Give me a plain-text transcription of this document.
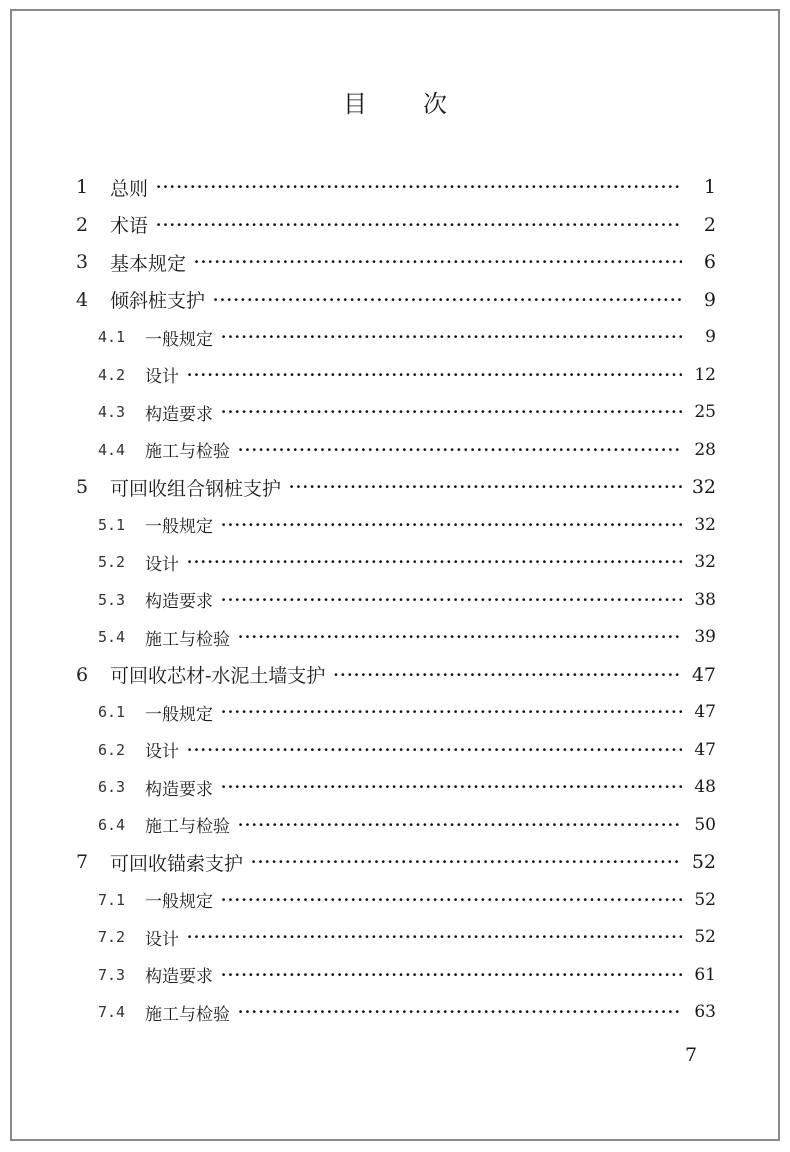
目 次
1	总则 ·····	1
2	术语 ·····	2
3	基本规定 ·····	6
4	倾斜桩支护 ·····	9
4.1	一般规定 ·····	9
4.2	设计 ·····	12
4.3	构造要求 ·····	25
4.4	施工与检验 ·····	28
5	可回收组合钢桩支护 ·····	32
5.1	一般规定 ·····	32
5.2	设计 ·····	32
5.3	构造要求 ·····	38
5.4	施工与检验 ·····	39
6	可回收芯材-水泥土墙支护 ·····	47
6.1	一般规定 ·····	47
6.2	设计 ·····	47
6.3	构造要求 ·····	48
6.4	施工与检验 ·····	50
7	可回收锚索支护 ·····	52
7.1	一般规定 ·····	52
7.2	设计 ·····	52
7.3	构造要求 ·····	61
7.4	施工与检验 ·····	63
7
